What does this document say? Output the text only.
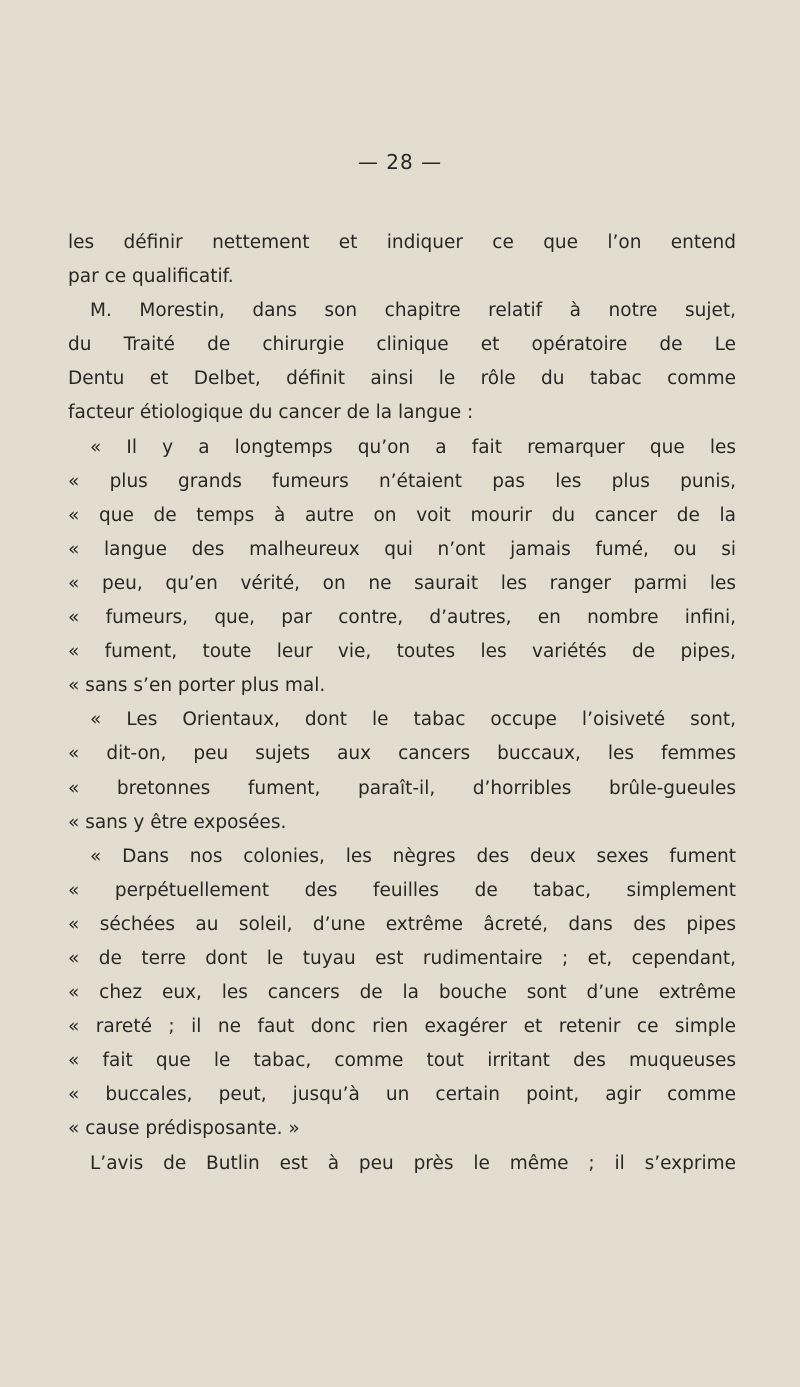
— 28 —
les définir nettement et indiquer ce que l’on entend
par ce qualificatif.
M. Morestin, dans son chapitre relatif à notre sujet,
du Traité de chirurgie clinique et opératoire de Le
Dentu et Delbet, définit ainsi le rôle du tabac comme
facteur étiologique du cancer de la langue :
« Il y a longtemps qu’on a fait remarquer que les
« plus grands fumeurs n’étaient pas les plus punis,
« que de temps à autre on voit mourir du cancer de la
« langue des malheureux qui n’ont jamais fumé, ou si
« peu, qu’en vérité, on ne saurait les ranger parmi les
« fumeurs, que, par contre, d’autres, en nombre infini,
« fument, toute leur vie, toutes les variétés de pipes,
« sans s’en porter plus mal.
« Les Orientaux, dont le tabac occupe l’oisiveté sont,
« dit-on, peu sujets aux cancers buccaux, les femmes
« bretonnes fument, paraît-il, d’horribles brûle-gueules
« sans y être exposées.
« Dans nos colonies, les nègres des deux sexes fument
« perpétuellement des feuilles de tabac, simplement
« séchées au soleil, d’une extrême âcreté, dans des pipes
« de terre dont le tuyau est rudimentaire ; et, cependant,
« chez eux, les cancers de la bouche sont d’une extrême
« rareté ; il ne faut donc rien exagérer et retenir ce simple
« fait que le tabac, comme tout irritant des muqueuses
« buccales, peut, jusqu’à un certain point, agir comme
« cause prédisposante. »
L’avis de Butlin est à peu près le même ; il s’exprime
